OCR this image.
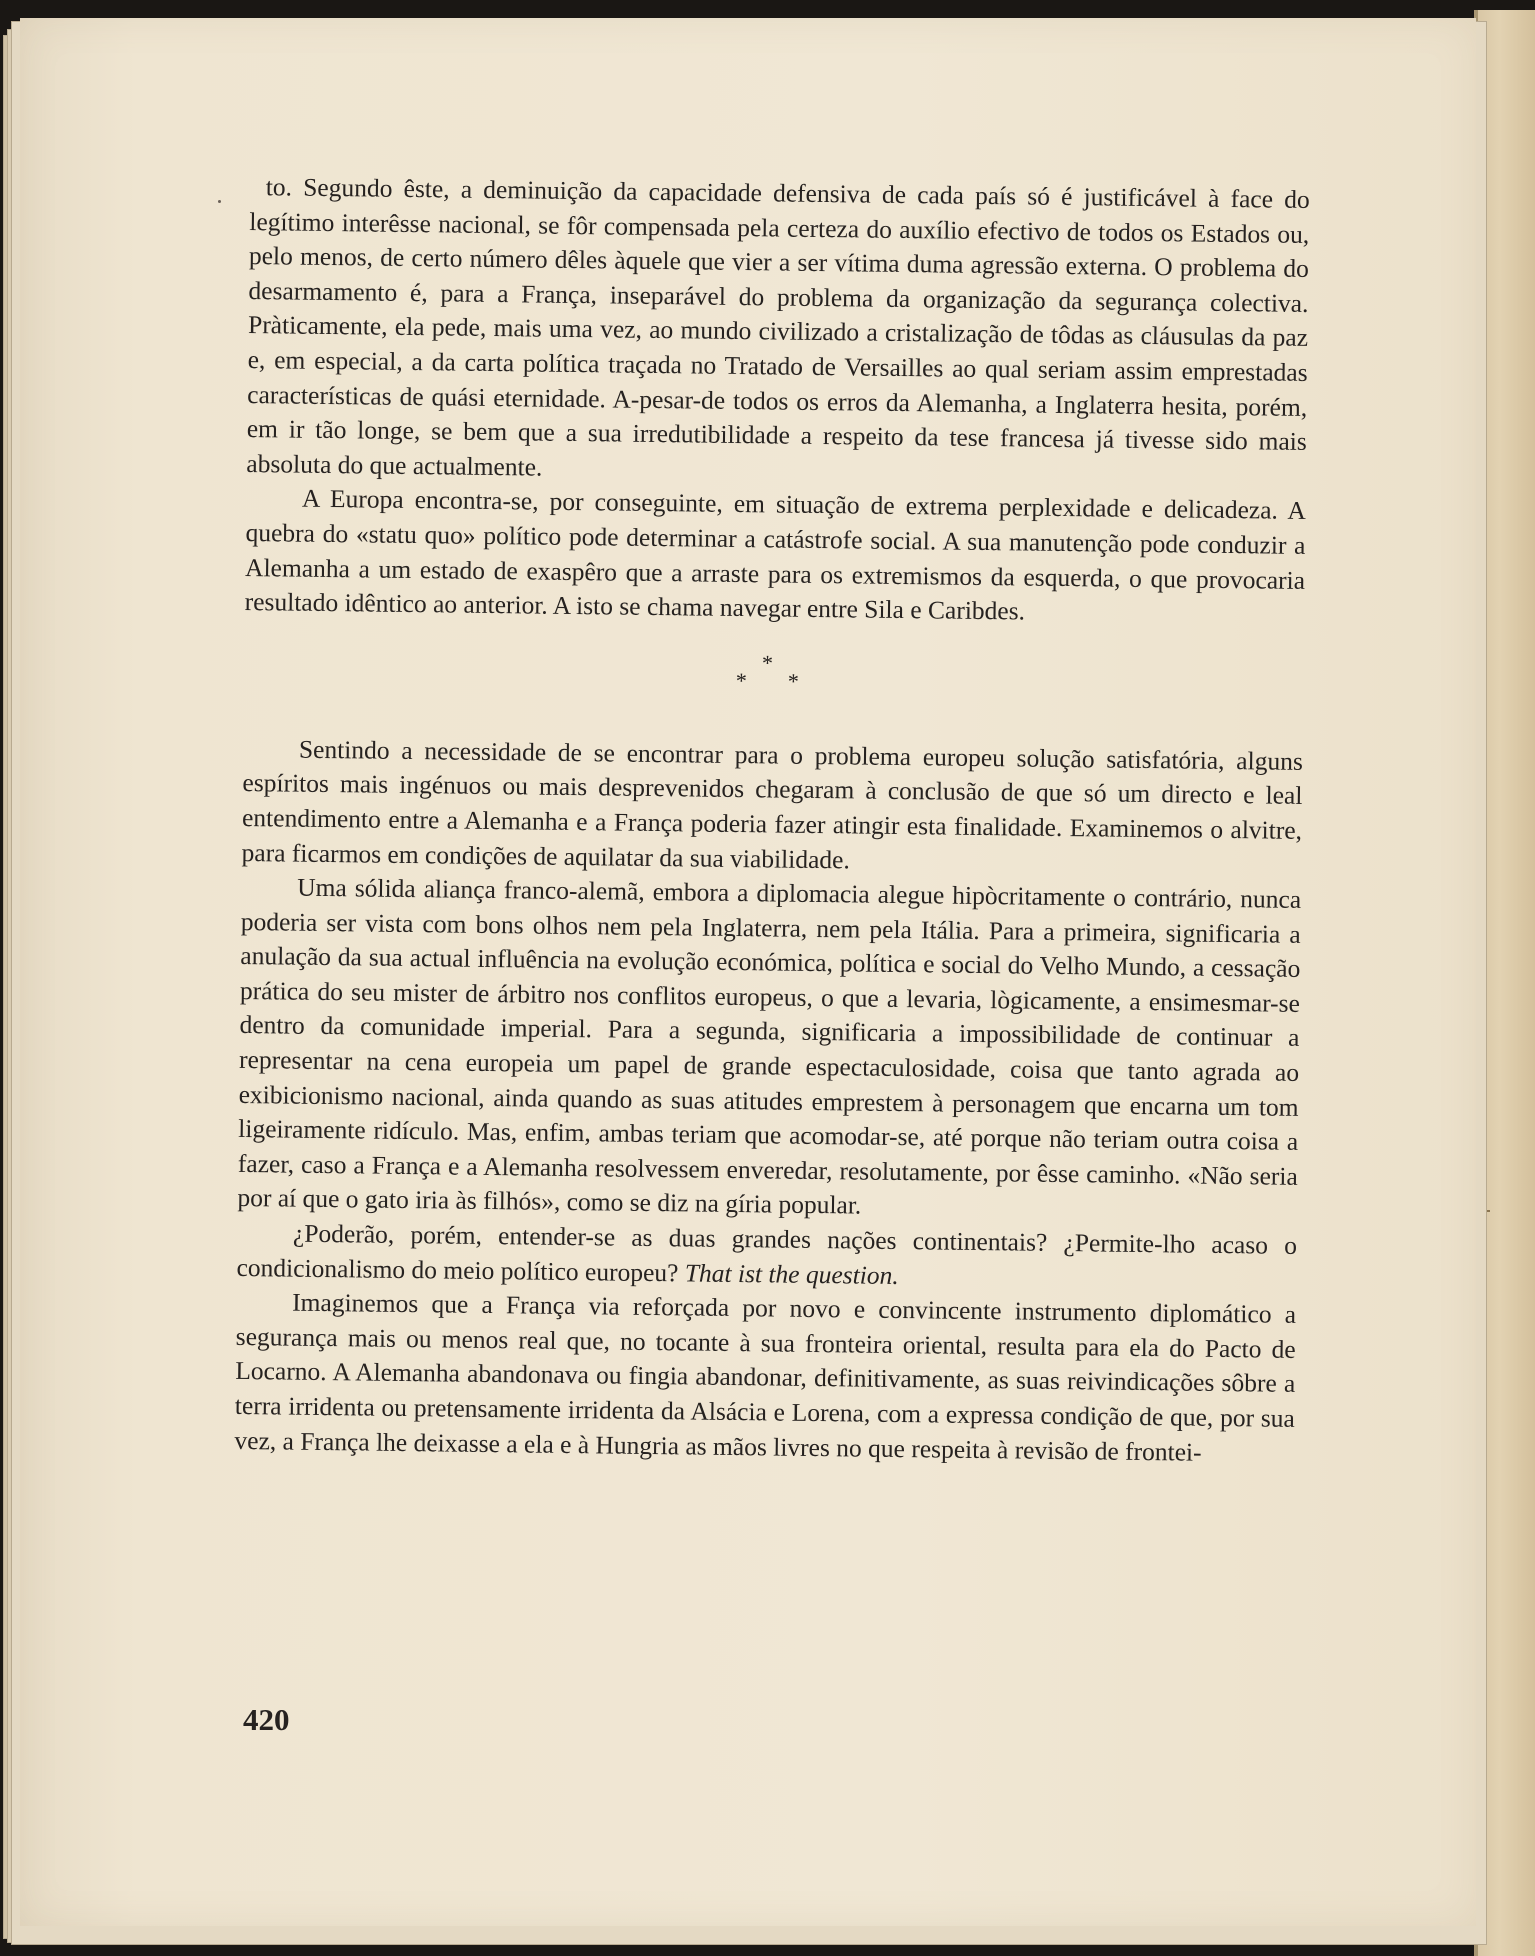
to. Segundo êste, a deminuição da capacidade defensiva de cada país só é justificável à face do legítimo interêsse nacional, se fôr compensada pela certeza do auxílio efectivo de todos os Estados ou, pelo menos, de certo número dêles àquele que vier a ser vítima duma agressão externa. O problema do desarmamento é, para a França, inseparável do problema da organização da segurança colectiva. Pràticamente, ela pede, mais uma vez, ao mundo civilizado a cristalização de tôdas as cláusulas da paz e, em especial, a da carta política traçada no Tratado de Versailles ao qual seriam assim emprestadas características de quási eternidade. A-pesar-de todos os erros da Alemanha, a Inglaterra hesita, porém, em ir tão longe, se bem que a sua irredutibilidade a respeito da tese francesa já tivesse sido mais absoluta do que actualmente.

A Europa encontra-se, por conseguinte, em situação de extrema perplexidade e delicadeza. A quebra do «statu quo» político pode determinar a catástrofe social. A sua manutenção pode conduzir a Alemanha a um estado de exaspêro que a arraste para os extremismos da esquerda, o que provocaria resultado idêntico ao anterior. A isto se chama navegar entre Sila e Caribdes.

*
* *

Sentindo a necessidade de se encontrar para o problema europeu solução satisfatória, alguns espíritos mais ingénuos ou mais desprevenidos chegaram à conclusão de que só um directo e leal entendimento entre a Alemanha e a França poderia fazer atingir esta finalidade. Examinemos o alvitre, para ficarmos em condições de aquilatar da sua viabilidade.

Uma sólida aliança franco-alemã, embora a diplomacia alegue hipòcritamente o contrário, nunca poderia ser vista com bons olhos nem pela Inglaterra, nem pela Itália. Para a primeira, significaria a anulação da sua actual influência na evolução económica, política e social do Velho Mundo, a cessação prática do seu mister de árbitro nos conflitos europeus, o que a levaria, lògicamente, a ensimesmar-se dentro da comunidade imperial. Para a segunda, significaria a impossibilidade de continuar a representar na cena europeia um papel de grande espectaculosidade, coisa que tanto agrada ao exibicionismo nacional, ainda quando as suas atitudes emprestem à personagem que encarna um tom ligeiramente ridículo. Mas, enfim, ambas teriam que acomodar-se, até porque não teriam outra coisa a fazer, caso a França e a Alemanha resolvessem enveredar, resolutamente, por êsse caminho. «Não seria por aí que o gato iria às filhós», como se diz na gíria popular.

¿Poderão, porém, entender-se as duas grandes nações continentais? ¿Permite-lho acaso o condicionalismo do meio político europeu? That ist the question.

Imaginemos que a França via reforçada por novo e convincente instrumento diplomático a segurança mais ou menos real que, no tocante à sua fronteira oriental, resulta para ela do Pacto de Locarno. A Alemanha abandonava ou fingia abandonar, definitivamente, as suas reivindicações sôbre a terra irridenta ou pretensamente irridenta da Alsácia e Lorena, com a expressa condição de que, por sua vez, a França lhe deixasse a ela e à Hungria as mãos livres no que respeita à revisão de frontei-

420
